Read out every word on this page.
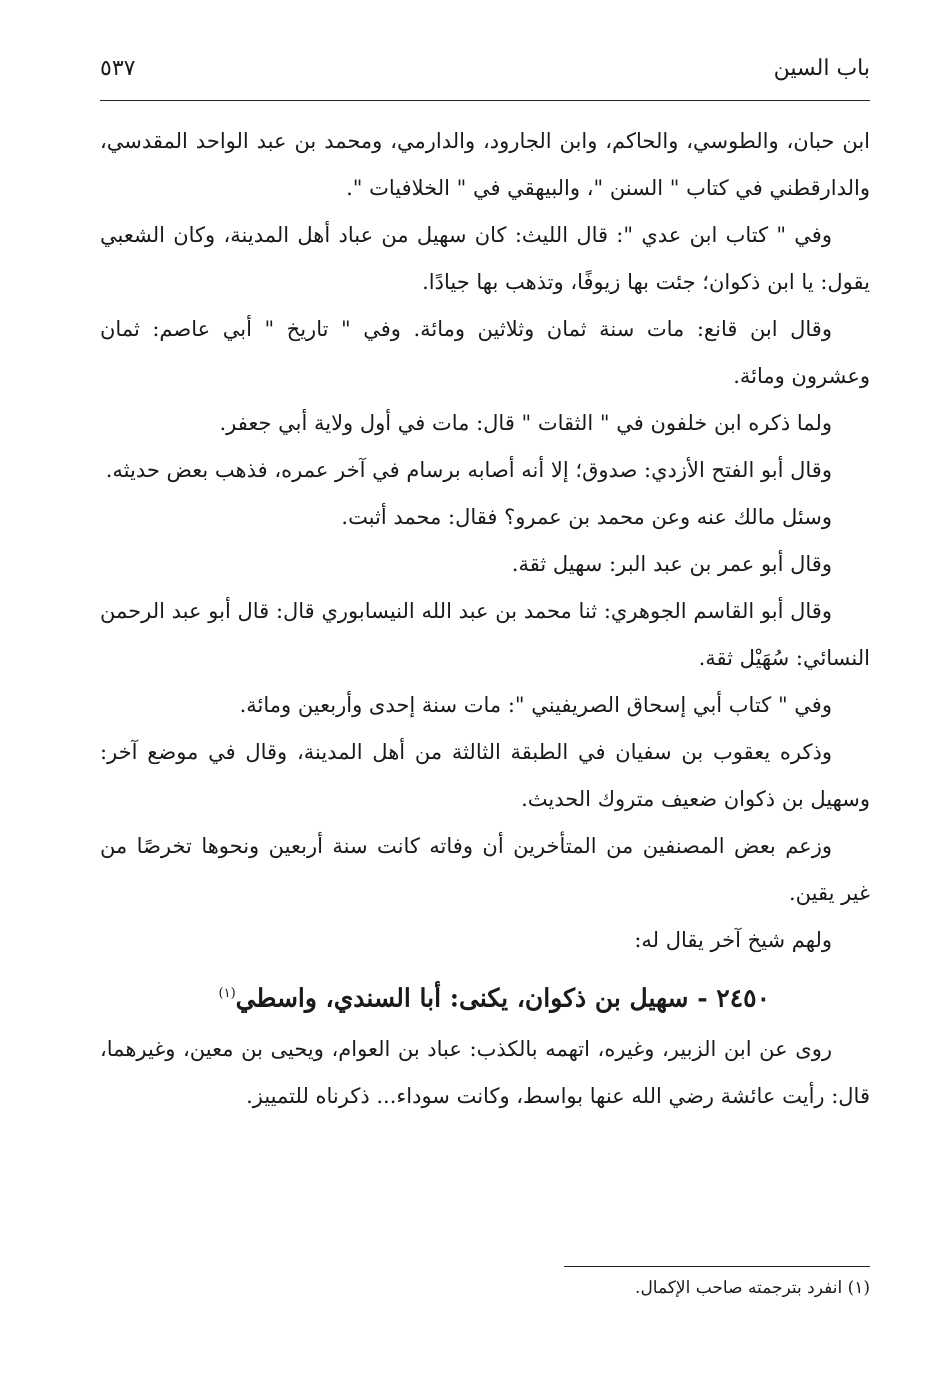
باب السين
٥٣٧

ابن حبان، والطوسي، والحاكم، وابن الجارود، والدارمي، ومحمد بن عبد الواحد المقدسي، والدارقطني في كتاب " السنن "، والبيهقي في " الخلافيات ".

وفي " كتاب ابن عدي ": قال الليث: كان سهيل من عباد أهل المدينة، وكان الشعبي يقول: يا ابن ذكوان؛ جئت بها زيوفًا، وتذهب بها جيادًا.

وقال ابن قانع: مات سنة ثمان وثلاثين ومائة. وفي " تاريخ " أبي عاصم: ثمان وعشرون ومائة.

ولما ذكره ابن خلفون في " الثقات " قال: مات في أول ولاية أبي جعفر.

وقال أبو الفتح الأزدي: صدوق؛ إلا أنه أصابه برسام في آخر عمره، فذهب بعض حديثه.

وسئل مالك عنه وعن محمد بن عمرو؟ فقال: محمد أثبت.

وقال أبو عمر بن عبد البر: سهيل ثقة.

وقال أبو القاسم الجوهري: ثنا محمد بن عبد الله النيسابوري قال: قال أبو عبد الرحمن النسائي: سُهَيْل ثقة.

وفي " كتاب أبي إسحاق الصريفيني ": مات سنة إحدى وأربعين ومائة.

وذكره يعقوب بن سفيان في الطبقة الثالثة من أهل المدينة، وقال في موضع آخر: وسهيل بن ذكوان ضعيف متروك الحديث.

وزعم بعض المصنفين من المتأخرين أن وفاته كانت سنة أربعين ونحوها تخرصًا من غير يقين.

ولهم شيخ آخر يقال له:

٢٤٥٠ - سهيل بن ذكوان، يكنى: أبا السندي، واسطي$^{(١)}$

روى عن ابن الزبير، وغيره، اتهمه بالكذب: عباد بن العوام، ويحيى بن معين، وغيرهما، قال: رأيت عائشة رضي الله عنها بواسط، وكانت سوداء... ذكرناه للتمييز.

(١) انفرد بترجمته صاحب الإكمال.
